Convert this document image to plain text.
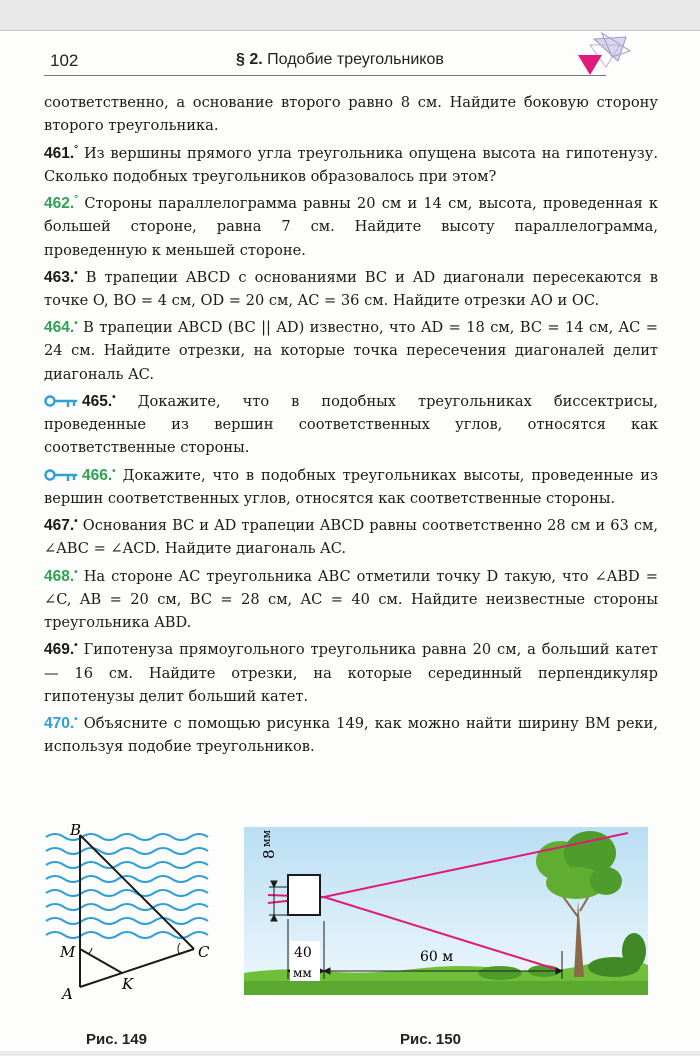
102	§ 2. Подобие треугольников

соответственно, а основание второго равно 8 см. Найдите боковую сторону второго треугольника.

461.° Из вершины прямого угла треугольника опущена высота на гипотенузу. Сколько подобных треугольников образовалось при этом?

462.° Стороны параллелограмма равны 20 см и 14 см, высота, проведенная к большей стороне, равна 7 см. Найдите высоту параллелограмма, проведенную к меньшей стороне.

463.• В трапеции ABCD с основаниями BC и AD диагонали пересекаются в точке O, BO = 4 см, OD = 20 см, AC = 36 см. Найдите отрезки AO и OC.

464.• В трапеции ABCD (BC || AD) известно, что AD = 18 см, BC = 14 см, AC = 24 см. Найдите отрезки, на которые точка пересечения диагоналей делит диагональ AC.

465.• Докажите, что в подобных треугольниках биссектрисы, проведенные из вершин соответственных углов, относятся как соответственные стороны.

466.• Докажите, что в подобных треугольниках высоты, проведенные из вершин соответственных углов, относятся как соответственные стороны.

467.• Основания BC и AD трапеции ABCD равны соответственно 28 см и 63 см, ∠ABC = ∠ACD. Найдите диагональ AC.

468.• На стороне AC треугольника ABC отметили точку D такую, что ∠ABD = ∠C, AB = 20 см, BC = 28 см, AC = 40 см. Найдите неизвестные стороны треугольника ABD.

469.• Гипотенуза прямоугольного треугольника равна 20 см, а больший катет — 16 см. Найдите отрезки, на которые серединный перпендикуляр гипотенузы делит больший катет.

470.• Объясните с помощью рисунка 149, как можно найти ширину BM реки, используя подобие треугольников.

B
M
A
K
C
Рис. 149
8
мм
40
мм
60 м
Рис. 150
